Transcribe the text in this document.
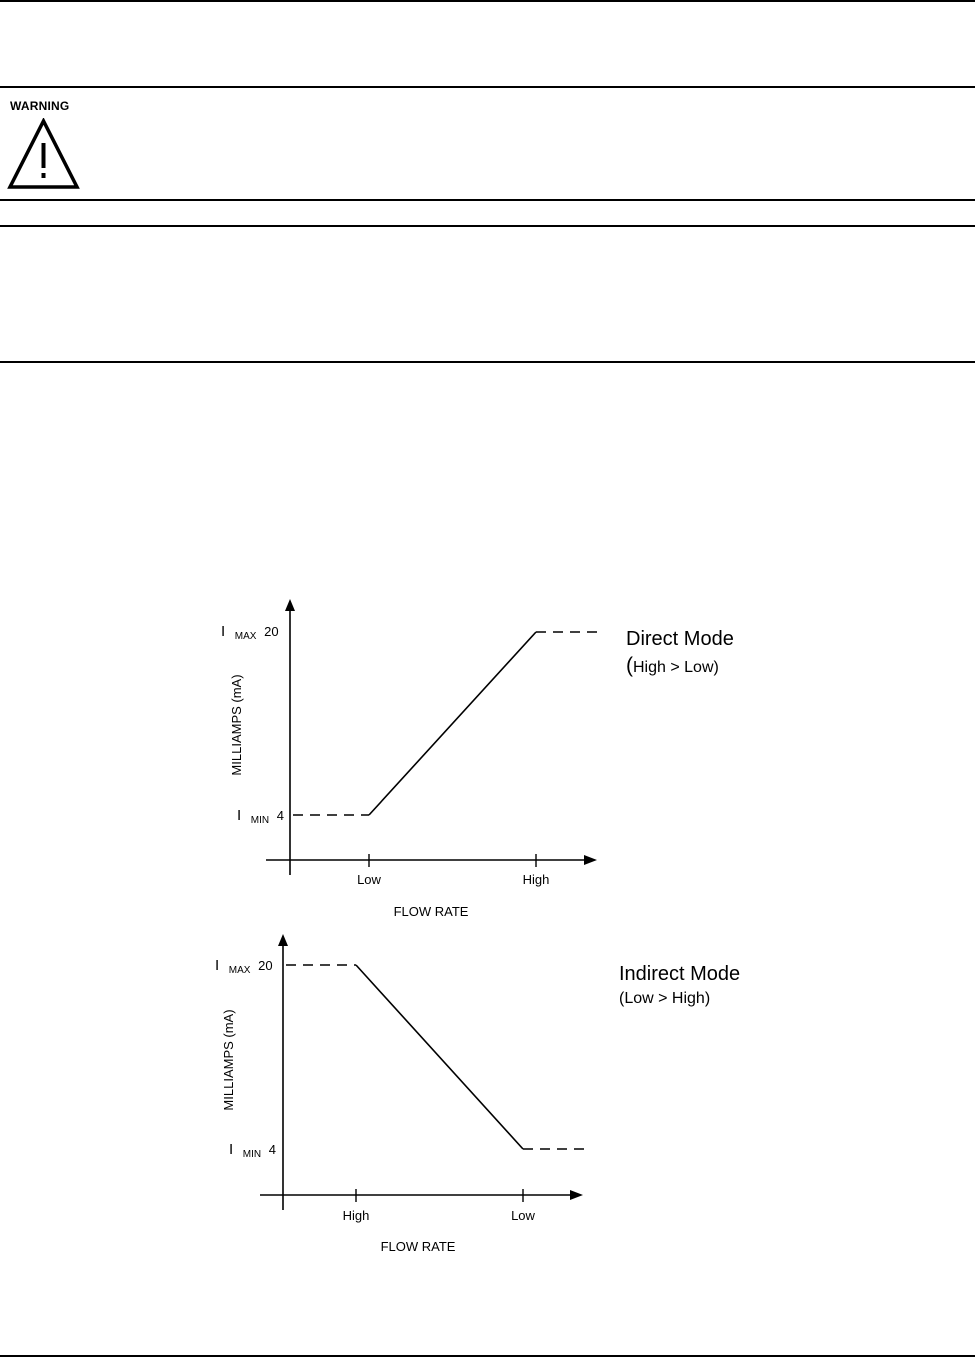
WARNING
Low	High
I $_{MAX}$ 20
I $_{MIN}$ 4
MILLIAMPS (mA)
FLOW RATE
Direct Mode
(High > Low)
High	Low
I $_{MAX}$ 20
I $_{MIN}$ 4
MILLIAMPS (mA)
FLOW RATE
Indirect Mode
(Low > High)
